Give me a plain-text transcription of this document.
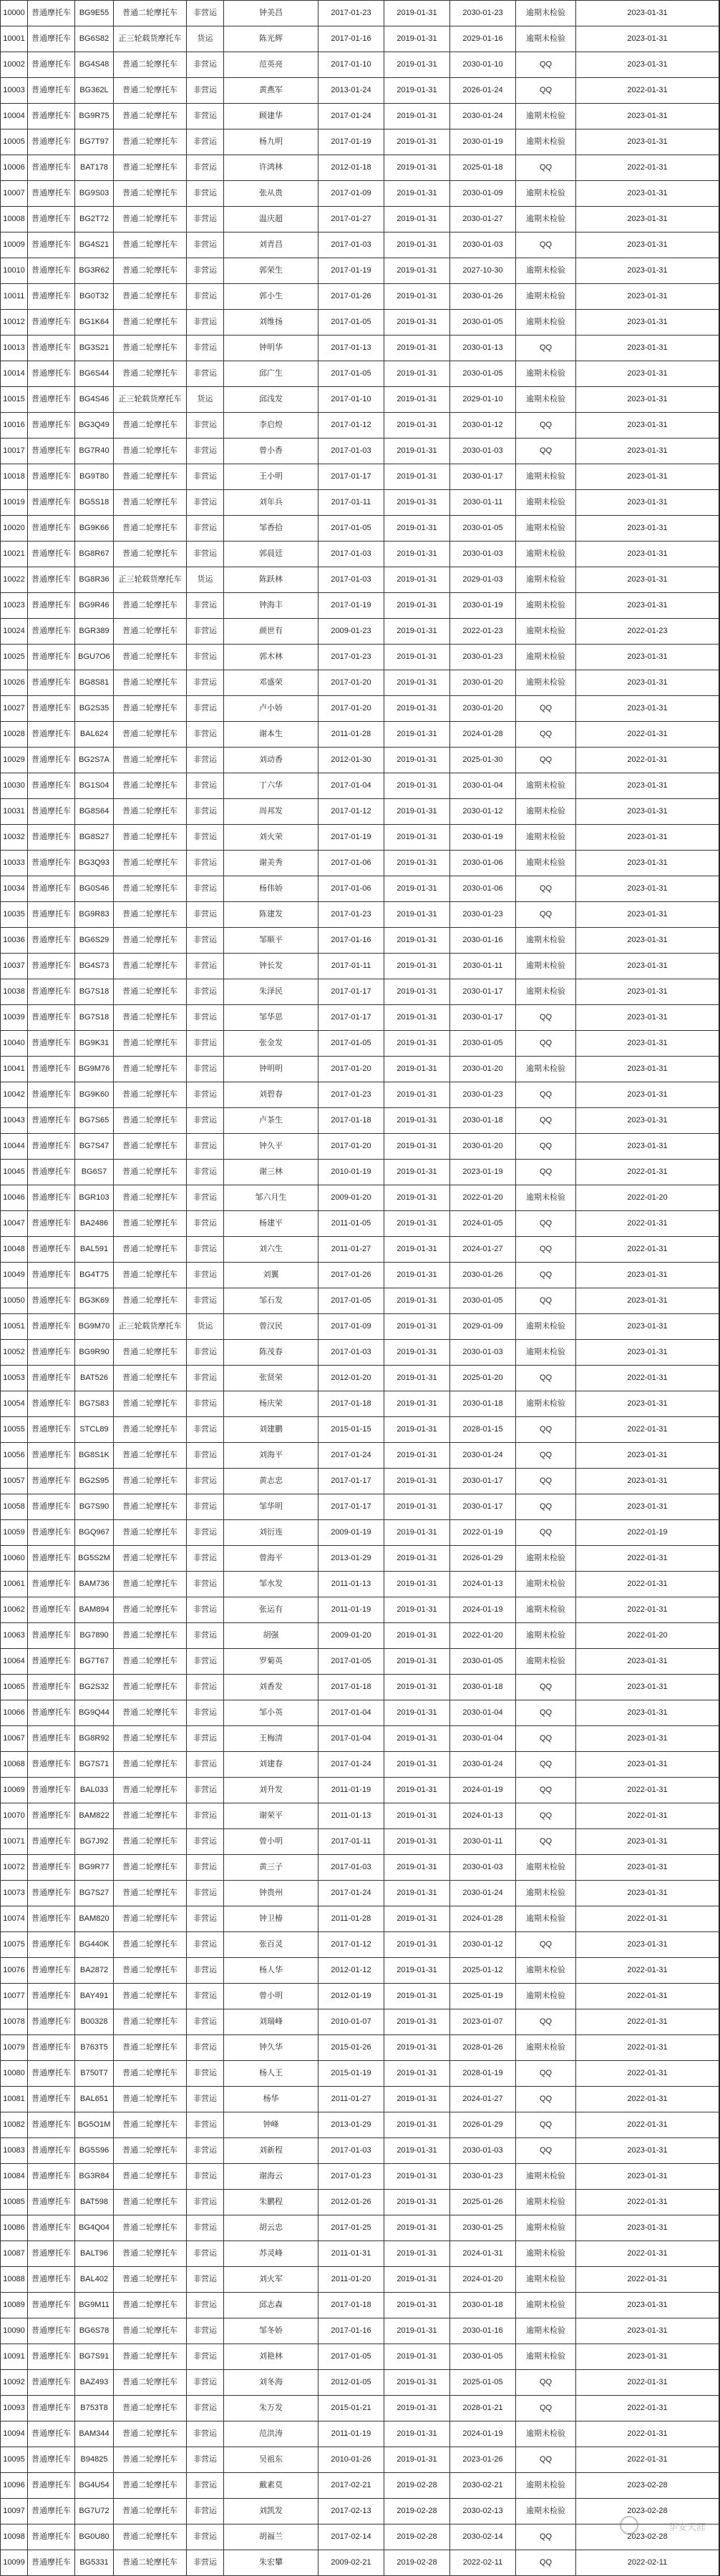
10000	普通摩托车	BG9E55	普通二轮摩托车	非营运	钟美昌	2017-01-23	2019-01-31	2030-01-23	逾期未检验	2023-01-31
10001	普通摩托车	BG6S82	正三轮载货摩托车	货运	陈光辉	2017-01-16	2019-01-31	2029-01-16	逾期未检验	2023-01-31
10002	普通摩托车	BG4S48	普通二轮摩托车	非营运	范英亮	2017-01-10	2019-01-31	2030-01-10	QQ	2023-01-31
10003	普通摩托车	BG362L	普通二轮摩托车	非营运	黄燕军	2013-01-24	2019-01-31	2026-01-24	QQ	2022-01-31
10004	普通摩托车	BG9R75	普通二轮摩托车	非营运	顾建华	2017-01-24	2019-01-31	2030-01-24	逾期未检验	2023-01-31
10005	普通摩托车	BG7T97	普通二轮摩托车	非营运	杨九明	2017-01-19	2019-01-31	2030-01-19	逾期未检验	2023-01-31
10006	普通摩托车	BAT178	普通二轮摩托车	非营运	许鸿林	2012-01-18	2019-01-31	2025-01-18	QQ	2022-01-31
10007	普通摩托车	BG9S03	普通二轮摩托车	非营运	张从贵	2017-01-09	2019-01-31	2030-01-09	逾期未检验	2023-01-31
10008	普通摩托车	BG2T72	普通二轮摩托车	非营运	温庆超	2017-01-27	2019-01-31	2030-01-27	逾期未检验	2023-01-31
10009	普通摩托车	BG4S21	普通二轮摩托车	非营运	刘青昌	2017-01-03	2019-01-31	2030-01-03	QQ	2023-01-31
10010	普通摩托车	BG3R62	普通二轮摩托车	非营运	郭荣生	2017-01-19	2019-01-31	2027-10-30	逾期未检验	2023-01-31
10011	普通摩托车	BG0T32	普通二轮摩托车	非营运	郭小生	2017-01-26	2019-01-31	2030-01-26	逾期未检验	2023-01-31
10012	普通摩托车	BG1K64	普通二轮摩托车	非营运	刘维扬	2017-01-05	2019-01-31	2030-01-05	逾期未检验	2023-01-31
10013	普通摩托车	BG3S21	普通二轮摩托车	非营运	钟明华	2017-01-13	2019-01-31	2030-01-13	QQ	2023-01-31
10014	普通摩托车	BG6S44	普通二轮摩托车	非营运	邱广生	2017-01-05	2019-01-31	2030-01-05	逾期未检验	2023-01-31
10015	普通摩托车	BG4S46	正三轮载货摩托车	货运	邱浅发	2017-01-10	2019-01-31	2029-01-10	逾期未检验	2023-01-31
10016	普通摩托车	BG3Q49	普通二轮摩托车	非营运	李启煌	2017-01-12	2019-01-31	2030-01-12	QQ	2023-01-31
10017	普通摩托车	BG7R40	普通二轮摩托车	非营运	曾小香	2017-01-03	2019-01-31	2030-01-03	QQ	2023-01-31
10018	普通摩托车	BG9T80	普通二轮摩托车	非营运	王小明	2017-01-17	2019-01-31	2030-01-17	逾期未检验	2023-01-31
10019	普通摩托车	BG5S18	普通二轮摩托车	非营运	刘年兵	2017-01-11	2019-01-31	2030-01-11	逾期未检验	2023-01-31
10020	普通摩托车	BG9K66	普通二轮摩托车	非营运	邹香拾	2017-01-05	2019-01-31	2030-01-05	逾期未检验	2023-01-31
10021	普通摩托车	BG8R67	普通二轮摩托车	非营运	郭晨廷	2017-01-03	2019-01-31	2030-01-03	逾期未检验	2023-01-31
10022	普通摩托车	BG8R36	正三轮载货摩托车	货运	陈跃林	2017-01-03	2019-01-31	2029-01-03	逾期未检验	2023-01-31
10023	普通摩托车	BG9R46	普通二轮摩托车	非营运	钟海丰	2017-01-19	2019-01-31	2030-01-19	逾期未检验	2023-01-31
10024	普通摩托车	BGR389	普通二轮摩托车	非营运	颜世有	2009-01-23	2019-01-31	2022-01-23	逾期未检验	2022-01-23
10025	普通摩托车	BGU7O6	普通二轮摩托车	非营运	郭木林	2017-01-23	2019-01-31	2030-01-23	逾期未检验	2023-01-31
10026	普通摩托车	BG8S81	普通二轮摩托车	非营运	邓盛荣	2017-01-20	2019-01-31	2030-01-20	逾期未检验	2023-01-31
10027	普通摩托车	BG2S35	普通二轮摩托车	非营运	卢小娇	2017-01-20	2019-01-31	2030-01-20	QQ	2023-01-31
10028	普通摩托车	BAL624	普通二轮摩托车	非营运	谢本生	2011-01-28	2019-01-31	2024-01-28	QQ	2022-01-31
10029	普通摩托车	BG2S7A	普通二轮摩托车	非营运	刘动香	2012-01-30	2019-01-31	2025-01-30	QQ	2022-01-31
10030	普通摩托车	BG1S04	普通二轮摩托车	非营运	丁六华	2017-01-04	2019-01-31	2030-01-04	逾期未检验	2023-01-31
10031	普通摩托车	BG8S64	普通二轮摩托车	非营运	周邦发	2017-01-12	2019-01-31	2030-01-12	逾期未检验	2023-01-31
10032	普通摩托车	BG8S27	普通二轮摩托车	非营运	刘火荣	2017-01-19	2019-01-31	2030-01-19	逾期未检验	2023-01-31
10033	普通摩托车	BG3Q93	普通二轮摩托车	非营运	谢美秀	2017-01-06	2019-01-31	2030-01-06	逾期未检验	2023-01-31
10034	普通摩托车	BG0S46	普通二轮摩托车	非营运	杨伟娇	2017-01-06	2019-01-31	2030-01-06	QQ	2023-01-31
10035	普通摩托车	BG9R83	普通二轮摩托车	非营运	陈建发	2017-01-23	2019-01-31	2030-01-23	QQ	2023-01-31
10036	普通摩托车	BG6S29	普通二轮摩托车	非营运	邹顺平	2017-01-16	2019-01-31	2030-01-16	逾期未检验	2023-01-31
10037	普通摩托车	BG4S73	普通二轮摩托车	非营运	钟长发	2017-01-11	2019-01-31	2030-01-11	逾期未检验	2023-01-31
10038	普通摩托车	BG7S18	普通二轮摩托车	非营运	朱泽民	2017-01-17	2019-01-31	2030-01-17	逾期未检验	2023-01-31
10039	普通摩托车	BG7S18	普通二轮摩托车	非营运	邹华思	2017-01-17	2019-01-31	2030-01-17	QQ	2023-01-31
10040	普通摩托车	BG9K31	普通二轮摩托车	非营运	张金发	2017-01-05	2019-01-31	2030-01-05	QQ	2023-01-31
10041	普通摩托车	BG9M76	普通二轮摩托车	非营运	钟明明	2017-01-20	2019-01-31	2030-01-20	逾期未检验	2023-01-31
10042	普通摩托车	BG9K60	普通二轮摩托车	非营运	刘碧春	2017-01-23	2019-01-31	2030-01-23	QQ	2023-01-31
10043	普通摩托车	BG7S65	普通二轮摩托车	非营运	卢茶生	2017-01-18	2019-01-31	2030-01-18	QQ	2023-01-31
10044	普通摩托车	BG7S47	普通二轮摩托车	非营运	钟久平	2017-01-20	2019-01-31	2030-01-20	QQ	2023-01-31
10045	普通摩托车	BG6S7	普通二轮摩托车	非营运	谢三林	2010-01-19	2019-01-31	2023-01-19	QQ	2022-01-31
10046	普通摩托车	BGR103	普通二轮摩托车	非营运	邹六月生	2009-01-20	2019-01-31	2022-01-20	逾期未检验	2022-01-20
10047	普通摩托车	BA2486	普通二轮摩托车	非营运	杨建平	2011-01-05	2019-01-31	2024-01-05	QQ	2022-01-31
10048	普通摩托车	BAL591	普通二轮摩托车	非营运	刘六生	2011-01-27	2019-01-31	2024-01-27	QQ	2022-01-31
10049	普通摩托车	BG4T75	普通二轮摩托车	非营运	刘翼	2017-01-26	2019-01-31	2030-01-26	QQ	2023-01-31
10050	普通摩托车	BG3K69	普通二轮摩托车	非营运	邹石发	2017-01-05	2019-01-31	2030-01-05	QQ	2023-01-31
10051	普通摩托车	BG9M70	正三轮载货摩托车	货运	曾汉民	2017-01-09	2019-01-31	2029-01-09	逾期未检验	2023-01-31
10052	普通摩托车	BG9R90	普通二轮摩托车	非营运	陈茂春	2017-01-03	2019-01-31	2030-01-03	逾期未检验	2023-01-31
10053	普通摩托车	BAT526	普通二轮摩托车	非营运	张贤荣	2012-01-20	2019-01-31	2025-01-20	QQ	2022-01-31
10054	普通摩托车	BG7S83	普通二轮摩托车	非营运	杨庆荣	2017-01-18	2019-01-31	2030-01-18	逾期未检验	2023-01-31
10055	普通摩托车	STCL89	普通二轮摩托车	非营运	刘建鹏	2015-01-15	2019-01-31	2028-01-15	QQ	2022-01-31
10056	普通摩托车	BG8S1K	普通二轮摩托车	非营运	刘海平	2017-01-24	2019-01-31	2030-01-24	QQ	2023-01-31
10057	普通摩托车	BG2S95	普通二轮摩托车	非营运	黄志忠	2017-01-17	2019-01-31	2030-01-17	QQ	2023-01-31
10058	普通摩托车	BG7S90	普通二轮摩托车	非营运	邹华明	2017-01-17	2019-01-31	2030-01-17	QQ	2023-01-31
10059	普通摩托车	BGQ967	普通二轮摩托车	非营运	刘衍连	2009-01-19	2019-01-31	2022-01-19	QQ	2022-01-19
10060	普通摩托车	BG5S2M	普通二轮摩托车	非营运	曾海平	2013-01-29	2019-01-31	2026-01-29	逾期未检验	2022-01-31
10061	普通摩托车	BAM736	普通二轮摩托车	非营运	邹水发	2011-01-13	2019-01-31	2024-01-13	逾期未检验	2022-01-31
10062	普通摩托车	BAM894	普通二轮摩托车	非营运	张运有	2011-01-19	2019-01-31	2024-01-19	逾期未检验	2022-01-31
10063	普通摩托车	BG7890	普通二轮摩托车	非营运	胡强	2009-01-20	2019-01-31	2022-01-20	逾期未检验	2022-01-20
10064	普通摩托车	BG7T67	普通二轮摩托车	非营运	罗菊英	2017-01-05	2019-01-31	2030-01-05	逾期未检验	2023-01-31
10065	普通摩托车	BG2S32	普通二轮摩托车	非营运	刘香发	2017-01-18	2019-01-31	2030-01-18	QQ	2023-01-31
10066	普通摩托车	BG9Q44	普通二轮摩托车	非营运	邹小英	2017-01-04	2019-01-31	2030-01-04	QQ	2023-01-31
10067	普通摩托车	BG8R92	普通二轮摩托车	非营运	王梅清	2017-01-04	2019-01-31	2030-01-04	QQ	2023-01-31
10068	普通摩托车	BG7S71	普通二轮摩托车	非营运	刘建春	2017-01-24	2019-01-31	2030-01-24	QQ	2023-01-31
10069	普通摩托车	BAL033	普通二轮摩托车	非营运	刘升发	2011-01-19	2019-01-31	2024-01-19	QQ	2022-01-31
10070	普通摩托车	BAM822	普通二轮摩托车	非营运	谢荣平	2011-01-13	2019-01-31	2024-01-13	QQ	2022-01-31
10071	普通摩托车	BG7J92	普通二轮摩托车	非营运	曾小明	2017-01-11	2019-01-31	2030-01-11	QQ	2023-01-31
10072	普通摩托车	BG9R77	普通二轮摩托车	非营运	黄三子	2017-01-03	2019-01-31	2030-01-03	逾期未检验	2023-01-31
10073	普通摩托车	BG7S27	普通二轮摩托车	非营运	钟贵州	2017-01-24	2019-01-31	2030-01-24	逾期未检验	2023-01-31
10074	普通摩托车	BAM820	普通二轮摩托车	非营运	钟卫椿	2011-01-28	2019-01-31	2024-01-28	逾期未检验	2022-01-31
10075	普通摩托车	BG440K	普通二轮摩托车	非营运	张百灵	2017-01-12	2019-01-31	2030-01-12	QQ	2023-01-31
10076	普通摩托车	BA2872	普通二轮摩托车	非营运	杨人华	2012-01-12	2019-01-31	2025-01-12	逾期未检验	2022-01-31
10077	普通摩托车	BAY491	普通二轮摩托车	非营运	曾小明	2012-01-19	2019-01-31	2025-01-19	逾期未检验	2022-01-31
10078	普通摩托车	B00328	普通二轮摩托车	非营运	刘瑞峰	2010-01-07	2019-01-31	2023-01-07	QQ	2022-01-31
10079	普通摩托车	B763T5	普通二轮摩托车	非营运	钟久华	2015-01-26	2019-01-31	2028-01-26	逾期未检验	2022-01-31
10080	普通摩托车	B750T7	普通二轮摩托车	非营运	杨人王	2015-01-19	2019-01-31	2028-01-19	QQ	2022-01-31
10081	普通摩托车	BAL651	普通二轮摩托车	非营运	杨华	2011-01-27	2019-01-31	2024-01-27	QQ	2022-01-31
10082	普通摩托车	BG5O1M	普通二轮摩托车	非营运	钟峰	2013-01-29	2019-01-31	2026-01-29	QQ	2022-01-31
10083	普通摩托车	BG5S96	普通二轮摩托车	非营运	刘新程	2017-01-03	2019-01-31	2030-01-03	QQ	2023-01-31
10084	普通摩托车	BG3R84	普通二轮摩托车	非营运	谢海云	2017-01-23	2019-01-31	2030-01-23	逾期未检验	2023-01-31
10085	普通摩托车	BAT598	普通二轮摩托车	非营运	朱鹏程	2012-01-26	2019-01-31	2025-01-26	逾期未检验	2022-01-31
10086	普通摩托车	BG4Q04	普通二轮摩托车	非营运	胡云忠	2017-01-25	2019-01-31	2030-01-25	逾期未检验	2023-01-31
10087	普通摩托车	BALT96	普通二轮摩托车	非营运	苏灵峰	2011-01-31	2019-01-31	2024-01-31	逾期未检验	2022-01-31
10088	普通摩托车	BAL402	普通二轮摩托车	非营运	刘火军	2011-01-20	2019-01-31	2024-01-20	逾期未检验	2022-01-31
10089	普通摩托车	BG9M11	普通二轮摩托车	非营运	邱志森	2017-01-18	2019-01-31	2030-01-18	逾期未检验	2023-01-31
10090	普通摩托车	BG6S78	普通二轮摩托车	非营运	邹冬娇	2017-01-16	2019-01-31	2030-01-16	逾期未检验	2023-01-31
10091	普通摩托车	BG7S91	普通二轮摩托车	非营运	刘艳林	2017-01-05	2019-01-31	2030-01-05	逾期未检验	2023-01-31
10092	普通摩托车	BAZ493	普通二轮摩托车	非营运	刘冬海	2012-01-05	2019-01-31	2025-01-05	QQ	2022-01-31
10093	普通摩托车	B753T8	普通二轮摩托车	非营运	朱万发	2015-01-21	2019-01-31	2028-01-21	QQ	2022-01-31
10094	普通摩托车	BAM344	普通二轮摩托车	非营运	范洪涛	2011-01-19	2019-01-31	2024-01-19	逾期未检验	2022-01-31
10095	普通摩托车	B94825	普通二轮摩托车	非营运	吴祖东	2010-01-26	2019-01-31	2023-01-26	QQ	2022-01-31
10096	普通摩托车	BG4U54	普通二轮摩托车	非营运	戴素莫	2017-02-21	2019-02-28	2030-02-21	逾期未检验	2023-02-28
10097	普通摩托车	BG7U72	普通二轮摩托车	非营运	刘凯发	2017-02-13	2019-02-28	2030-02-13	逾期未检验	2023-02-28
10098	普通摩托车	BG0U80	普通二轮摩托车	非营运	胡福兰	2017-02-14	2019-02-28	2030-02-14	QQ	2023-02-28
10099	普通摩托车	BG5331	普通二轮摩托车	非营运	朱宏攀	2009-02-21	2019-02-28	2022-02-11	QQ	2022-02-11
华安天涯
